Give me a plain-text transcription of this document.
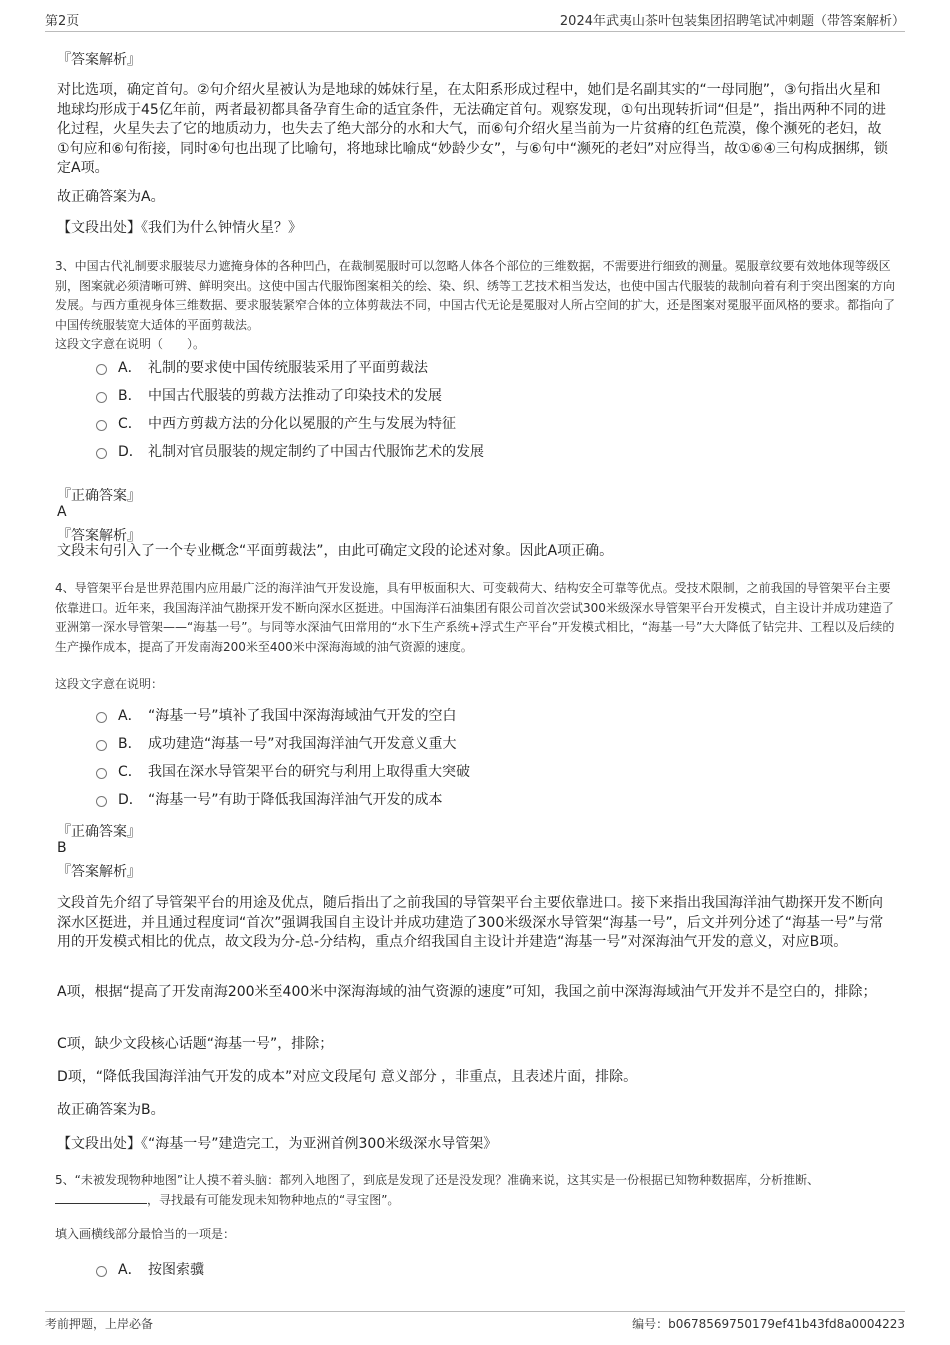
第2页	2024年武夷山茶叶包装集团招聘笔试冲刺题（带答案解析）
『答案解析』
对比选项，确定首句。②句介绍火星被认为是地球的姊妹行星，在太阳系形成过程中，她们是名副其实的“一母同胞”，③句指出火星和地球均形成于45亿年前，两者最初都具备孕育生命的适宜条件，无法确定首句。观察发现，①句出现转折词“但是”，指出两种不同的进化过程，火星失去了它的地质动力，也失去了绝大部分的水和大气，而⑥句介绍火星当前为一片贫瘠的红色荒漠，像个濒死的老妇，故①句应和⑥句衔接，同时④句也出现了比喻句，将地球比喻成“妙龄少女”，与⑥句中“濒死的老妇”对应得当，故①⑥④三句构成捆绑，锁定A项。
故正确答案为A。
【文段出处】《我们为什么钟情火星？》
3、中国古代礼制要求服装尽力遮掩身体的各种凹凸，在裁制冕服时可以忽略人体各个部位的三维数据，不需要进行细致的测量。冕服章纹要有效地体现等级区别，图案就必须清晰可辨、鲜明突出。这使中国古代服饰图案相关的绘、染、织、绣等工艺技术相当发达，也使中国古代服装的裁制向着有利于突出图案的方向发展。与西方重视身体三维数据、要求服装紧窄合体的立体剪裁法不同，中国古代无论是冕服对人所占空间的扩大，还是图案对冕服平面风格的要求。都指向了中国传统服装宽大适体的平面剪裁法。
这段文字意在说明（　　）。
A． 礼制的要求使中国传统服装采用了平面剪裁法
B． 中国古代服装的剪裁方法推动了印染技术的发展
C． 中西方剪裁方法的分化以冕服的产生与发展为特征
D． 礼制对官员服装的规定制约了中国古代服饰艺术的发展
『正确答案』
A
『答案解析』
文段末句引入了一个专业概念“平面剪裁法”，由此可确定文段的论述对象。因此A项正确。
4、导管架平台是世界范围内应用最广泛的海洋油气开发设施，具有甲板面积大、可变载荷大、结构安全可靠等优点。受技术限制，之前我国的导管架平台主要依靠进口。近年来，我国海洋油气勘探开发不断向深水区挺进。中国海洋石油集团有限公司首次尝试300米级深水导管架平台开发模式，自主设计并成功建造了亚洲第一深水导管架——“海基一号”。与同等水深油气田常用的“水下生产系统+浮式生产平台”开发模式相比，“海基一号”大大降低了钻完井、工程以及后续的生产操作成本，提高了开发南海200米至400米中深海海域的油气资源的速度。
这段文字意在说明：
A． “海基一号”填补了我国中深海海域油气开发的空白
B． 成功建造“海基一号”对我国海洋油气开发意义重大
C． 我国在深水导管架平台的研究与利用上取得重大突破
D． “海基一号”有助于降低我国海洋油气开发的成本
『正确答案』
B
『答案解析』
文段首先介绍了导管架平台的用途及优点，随后指出了之前我国的导管架平台主要依靠进口。接下来指出我国海洋油气勘探开发不断向深水区挺进，并且通过程度词“首次”强调我国自主设计并成功建造了300米级深水导管架“海基一号”，后文并列分述了“海基一号”与常用的开发模式相比的优点，故文段为分-总-分结构，重点介绍我国自主设计并建造“海基一号”对深海油气开发的意义，对应B项。
A项，根据“提高了开发南海200米至400米中深海海域的油气资源的速度”可知，我国之前中深海海域油气开发并不是空白的，排除；
C项，缺少文段核心话题“海基一号”，排除；
D项，“降低我国海洋油气开发的成本”对应文段尾句 意义部分 ，非重点，且表述片面，排除。
故正确答案为B。
【文段出处】《“海基一号”建造完工，为亚洲首例300米级深水导管架》
5、“未被发现物种地图”让人摸不着头脑：都列入地图了，到底是发现了还是没发现？准确来说，这其实是一份根据已知物种数据库，分析推断、，寻找最有可能发现未知物种地点的“寻宝图”。
填入画横线部分最恰当的一项是：
A． 按图索骥
考前押题，上岸必备	编号：b0678569750179ef41b43fd8a0004223
